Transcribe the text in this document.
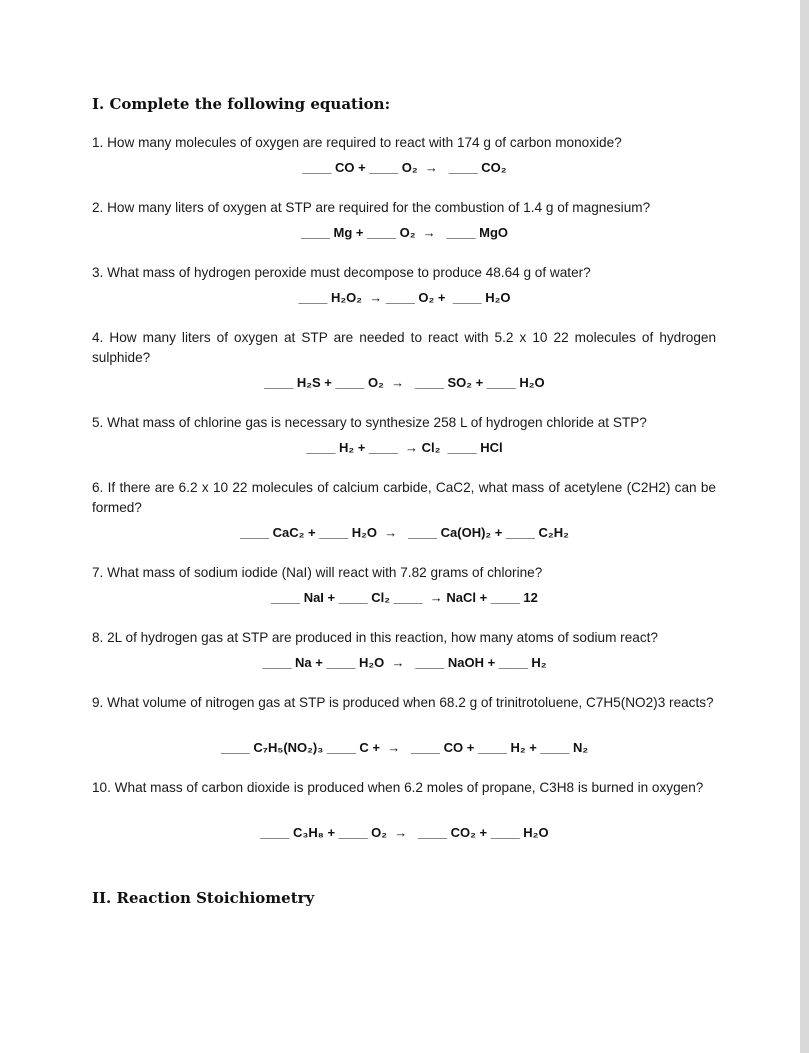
I. Complete the following equation:
1. How many molecules of oxygen are required to react with 174 g of carbon monoxide?
____ CO + ____ O₂  →   ____ CO₂
2. How many liters of oxygen at STP are required for the combustion of 1.4 g of magnesium?
____ Mg + ____ O₂  →   ____ MgO
3. What mass of hydrogen peroxide must decompose to produce 48.64 g of water?
____ H₂O₂  → ____ O₂ +  ____ H₂O
4. How many liters of oxygen at STP are needed to react with 5.2 x 10 22 molecules of hydrogen sulphide?
____ H₂S + ____ O₂  →   ____ SO₂ + ____ H₂O
5. What mass of chlorine gas is necessary to synthesize 258 L of hydrogen chloride at STP?
____ H₂ + ____  → Cl₂  ____ HCl
6. If there are 6.2 x 10 22 molecules of calcium carbide, CaC2, what mass of acetylene (C2H2) can be formed?
____ CaC₂ + ____ H₂O  →   ____ Ca(OH)₂ + ____ C₂H₂
7. What mass of sodium iodide (NaI) will react with 7.82 grams of chlorine?
____ NaI + ____ Cl₂ ____  → NaCl + ____ 12
8. 2L of hydrogen gas at STP are produced in this reaction, how many atoms of sodium react?
____ Na + ____ H₂O  →   ____ NaOH + ____ H₂
9. What volume of nitrogen gas at STP is produced when 68.2 g of trinitrotoluene, C7H5(NO2)3 reacts?
____ C₇H₅(NO₂)₃ ____ C +  →   ____ CO + ____ H₂ + ____ N₂
10. What mass of carbon dioxide is produced when 6.2 moles of propane, C3H8 is burned in oxygen?
____ C₃H₈ + ____ O₂  →   ____ CO₂ + ____ H₂O
II. Reaction Stoichiometry
